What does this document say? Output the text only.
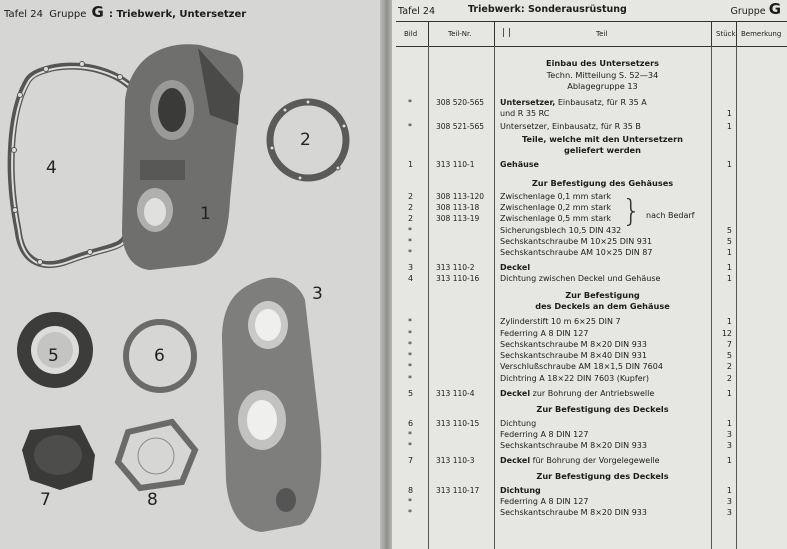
Tafel 24 Gruppe G : Triebwerk, Untersetzer
4
1
2
3
5	6
7	8
Tafel 24	Triebwerk: Sonderausrüstung	Gruppe G
Bild	Teil-Nr.	| |	Teil	Stück Bemerkung
Einbau des Untersetzers
Techn. Mitteilung S. 52—34
Ablagegruppe 13
} nach Bedarf
*	308 520-565 Untersetzer, Einbausatz, für R 35 A
und R 35 RC	1
*	308 521-565 Untersetzer, Einbausatz, für R 35 B	1
Teile, welche mit den Untersetzern
geliefert werden
1	313 110-1	Gehäuse	1
Zur Befestigung des Gehäuses
2	308 113-120 Zwischenlage 0,1 mm stark
2	308 113-18	Zwischenlage 0,2 mm stark
2	308 113-19	Zwischenlage 0,5 mm stark
*	Sicherungsblech 10,5 DIN 432	5
*	Sechskantschraube M 10×25 DIN 931	5
*	Sechskantschraube AM 10×25 DIN 87	1
3	313 110-2	Deckel	1
4	313 110-16	Dichtung zwischen Deckel und Gehäuse	1
Zur Befestigung
des Deckels an dem Gehäuse
*	Zylinderstift 10 m 6×25 DIN 7	1
*	Federring A 8 DIN 127	12
*	Sechskantschraube M 8×20 DIN 933	7
*	Sechskantschraube M 8×40 DIN 931	5
*	Verschlußschraube AM 18×1,5 DIN 7604	2
*	Dichtring A 18×22 DIN 7603 (Kupfer)	2
5	313 110-4	Deckel zur Bohrung der Antriebswelle	1
Zur Befestigung des Deckels
6	313 110-15	Dichtung	1
*	Federring A 8 DIN 127	3
*	Sechskantschraube M 8×20 DIN 933	3
7	313 110-3	Deckel für Bohrung der Vorgelegewelle	1
Zur Befestigung des Deckels
8	313 110-17	Dichtung	1
*	Federring A 8 DIN 127	3
*	Sechskantschraube M 8×20 DIN 933	3
